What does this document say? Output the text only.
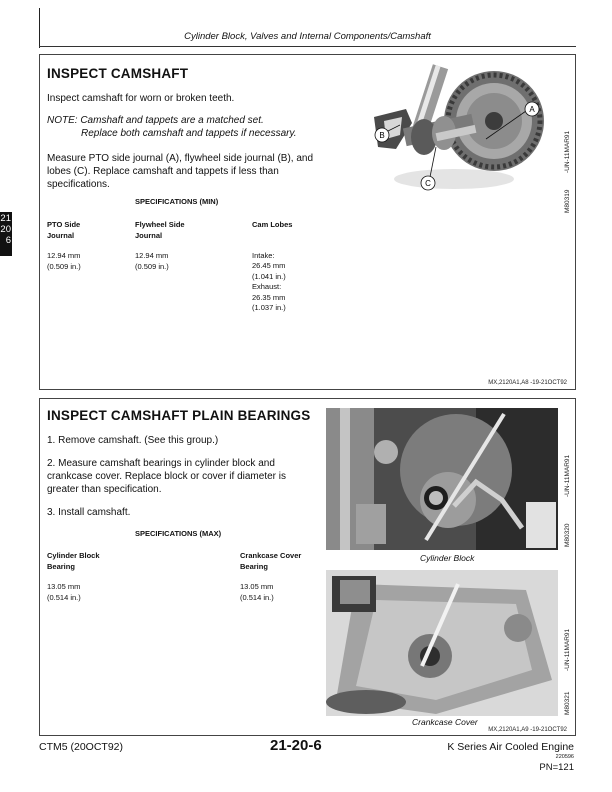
Cylinder Block, Valves and Internal Components/Camshaft
21
20
6
INSPECT CAMSHAFT
Inspect camshaft for worn or broken teeth.
NOTE: Camshaft and tappets are a matched set.
Replace both camshaft and tappets if necessary.
Measure PTO side journal (A), flywheel side journal (B), and lobes (C). Replace camshaft and tappets if less than specifications.
SPECIFICATIONS (MIN)
PTO Side
Journal
12.94 mm
(0.509 in.)
Flywheel Side
Journal
12.94 mm
(0.509 in.)
Cam Lobes
Intake:
26.45 mm
(1.041 in.)
Exhaust:
26.35 mm
(1.037 in.)
B
A
C
-UN-11MAR91
M80319
MX,2120A1,A8 -19-21OCT92
INSPECT CAMSHAFT PLAIN BEARINGS
1. Remove camshaft. (See this group.)
2. Measure camshaft bearings in cylinder block and crankcase cover. Replace block or cover if diameter is greater than specification.
3. Install camshaft.
SPECIFICATIONS (MAX)
Cylinder Block
Bearing
13.05 mm
(0.514 in.)
Crankcase Cover
Bearing
13.05 mm
(0.514 in.)
-UN-11MAR91
M80320
Cylinder Block
-UN-11MAR91
M80321
Crankcase Cover
MX,2120A1,A9 -19-21OCT92
CTM5 (20OCT92)	21-20-6	K Series Air Cooled Engine
220596
PN=121
